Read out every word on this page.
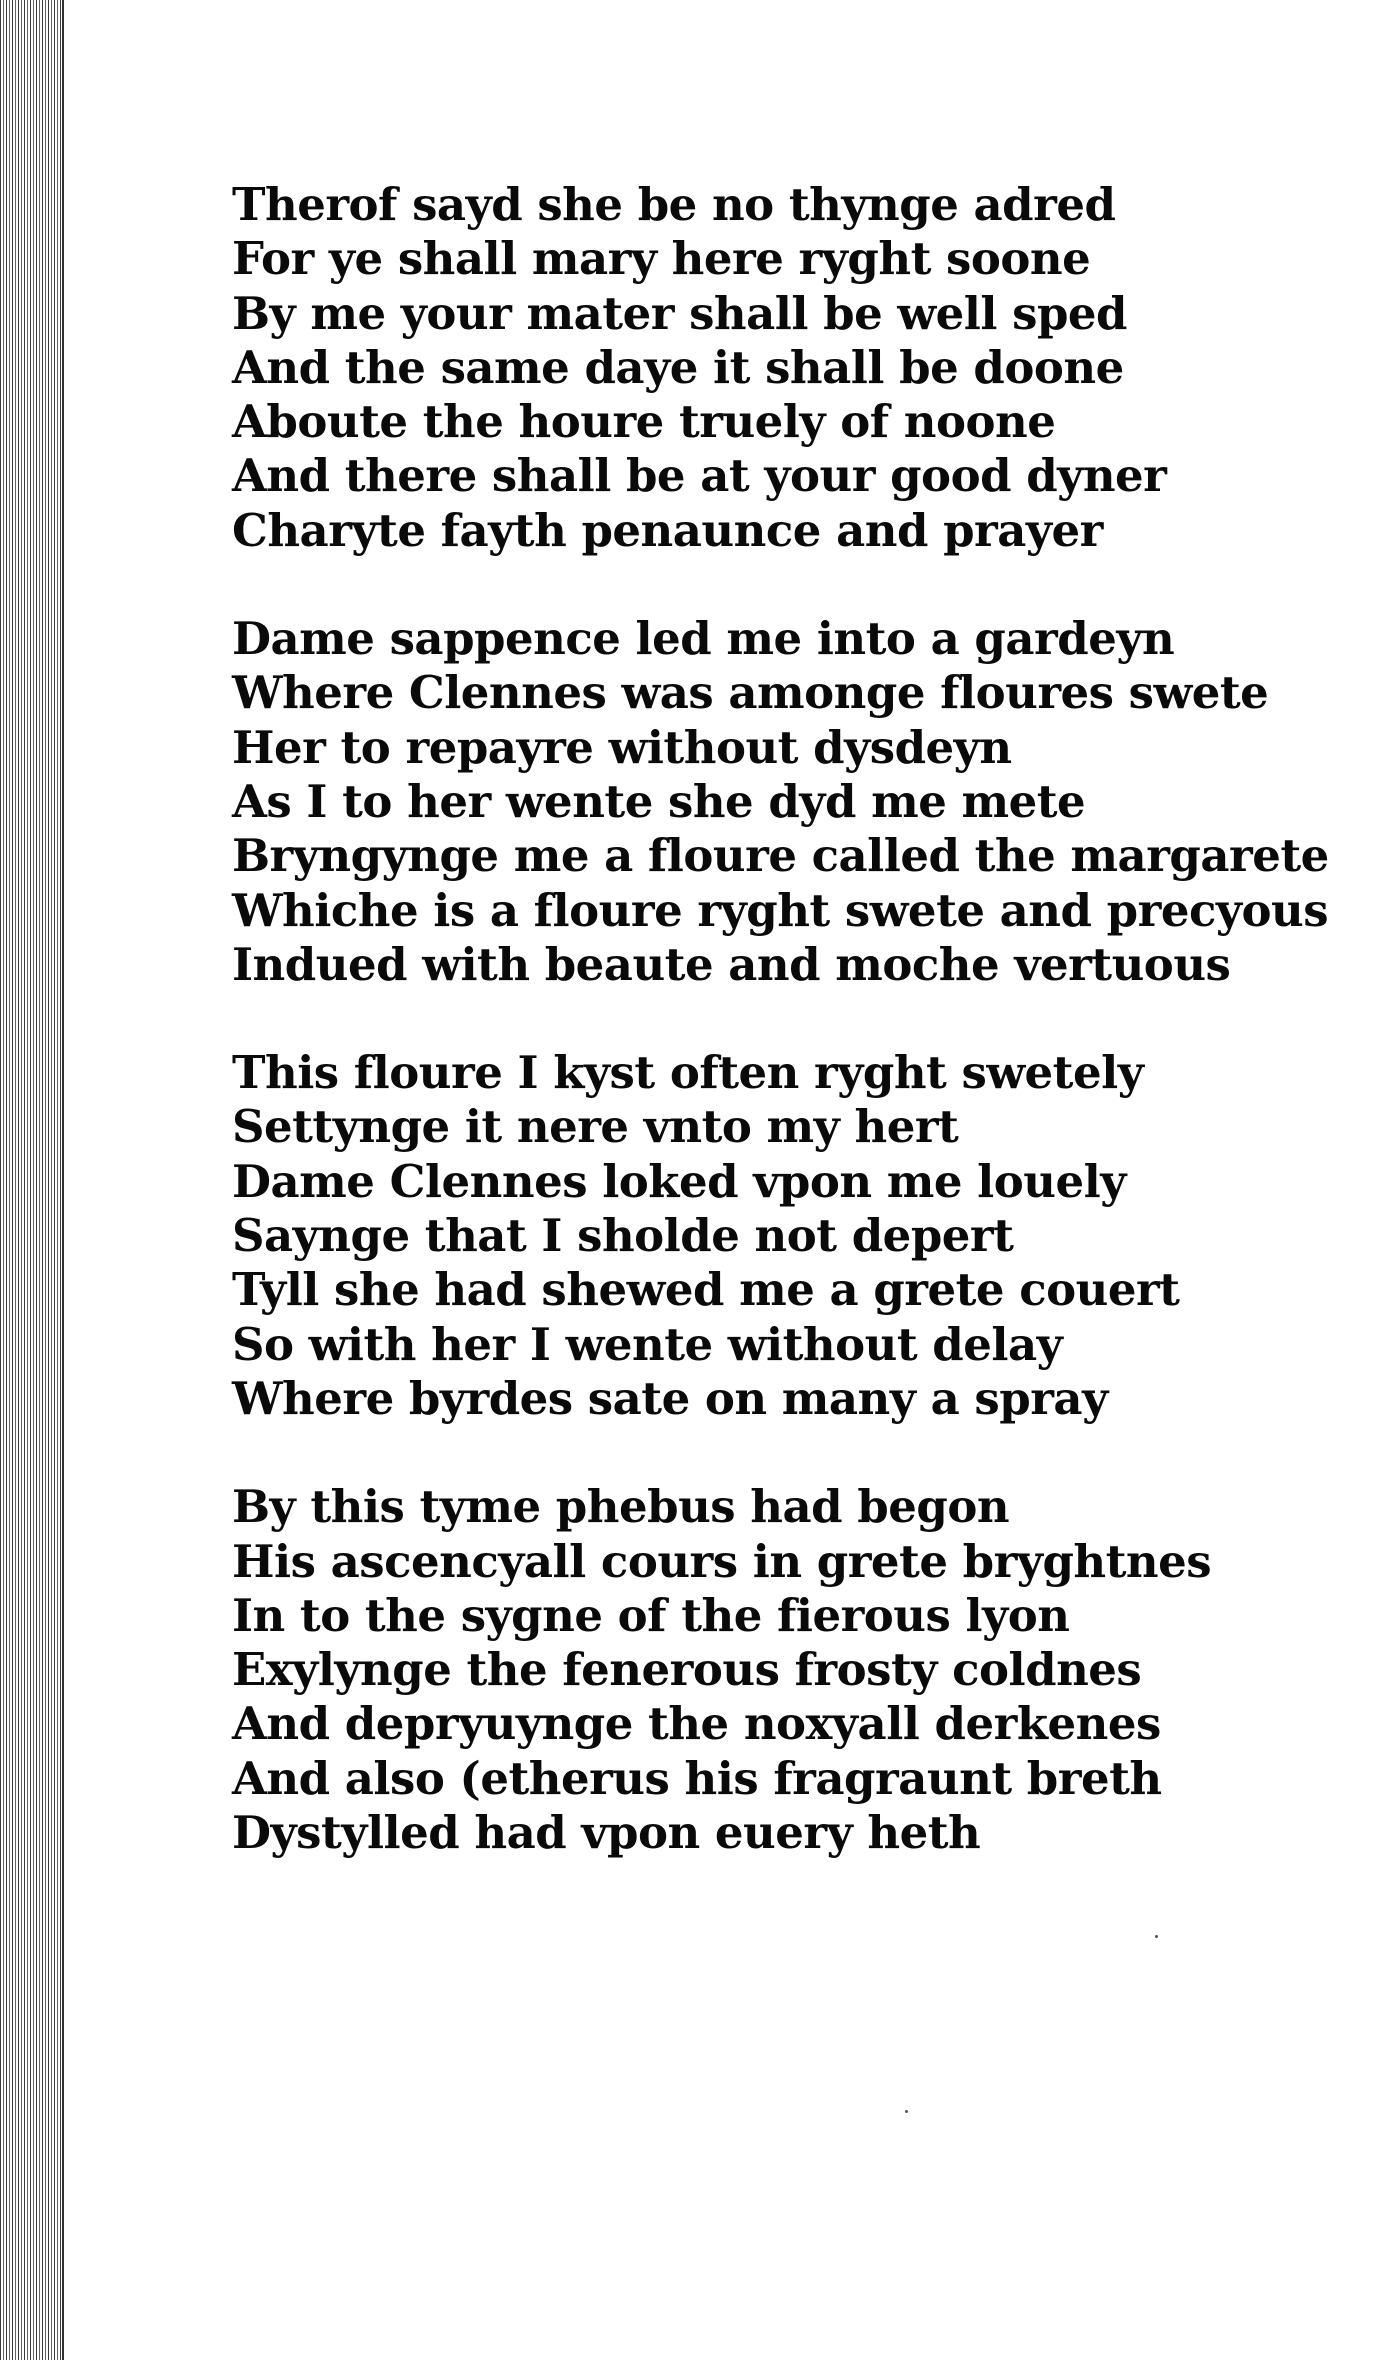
Therof sayd she be no thynge adred
For ye shall mary here ryght soone
By me your mater shall be well sped
And the same daye it shall be doone
Aboute the houre truely of noone
And there shall be at your good dyner
Charyte fayth penaunce and prayer
Dame sappence led me into a gardeyn
Where Clennes was amonge floures swete
Her to repayre without dysdeyn
As I to her wente she dyd me mete
Bryngynge me a floure called the margarete
Whiche is a floure ryght swete and precyous
Indued with beaute and moche vertuous
This floure I kyst often ryght swetely
Settynge it nere vnto my hert
Dame Clennes loked vpon me louely
Saynge that I sholde not depert
Tyll she had shewed me a grete couert
So with her I wente without delay
Where byrdes sate on many a spray
By this tyme phebus had begon
His ascencyall cours in grete bryghtnes
In to the sygne of the fierous lyon
Exylynge the fenerous frosty coldnes
And depryuynge the noxyall derkenes
And also (etherus his fragraunt breth
Dystylled had vpon euery heth
